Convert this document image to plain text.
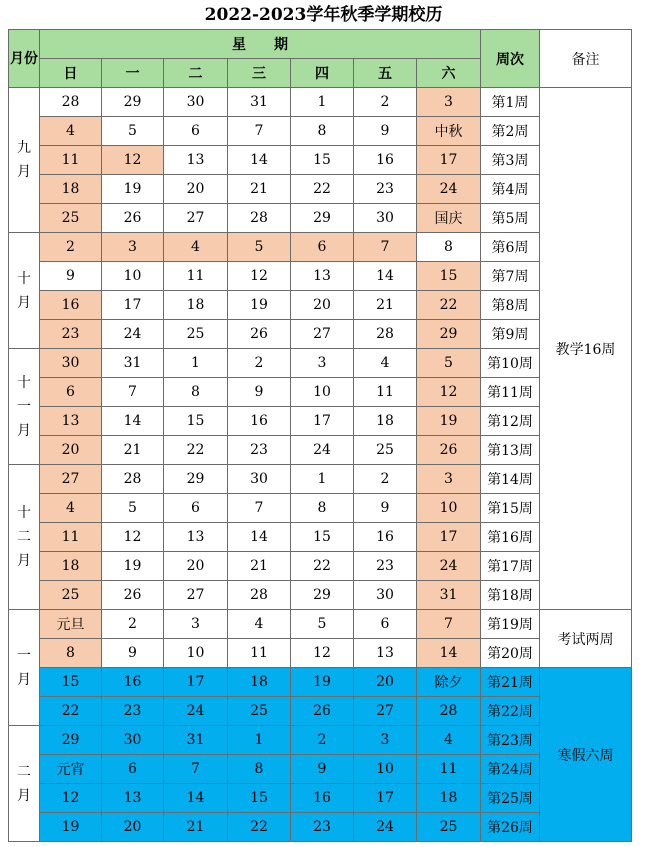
2022-2023学年秋季学期校历
月份	星　　期							周次	备注
	日	一	二	三	四	五	六		
九
月	28	29	30	31	1	2	3	第1周	教学16周
	4	5	6	7	8	9	中秋	第2周	
	11	12	13	14	15	16	17	第3周	
	18	19	20	21	22	23	24	第4周	
	25	26	27	28	29	30	国庆	第5周	
十
月	2	3	4	5	6	7	8	第6周	
	9	10	11	12	13	14	15	第7周	
	16	17	18	19	20	21	22	第8周	
	23	24	25	26	27	28	29	第9周	
十
一
月	30	31	1	2	3	4	5	第10周	
	6	7	8	9	10	11	12	第11周	
	13	14	15	16	17	18	19	第12周	
	20	21	22	23	24	25	26	第13周	
十
二
月	27	28	29	30	1	2	3	第14周	
	4	5	6	7	8	9	10	第15周	
	11	12	13	14	15	16	17	第16周	
	18	19	20	21	22	23	24	第17周	
	25	26	27	28	29	30	31	第18周	
一
月	元旦	2	3	4	5	6	7	第19周	考试两周
	8	9	10	11	12	13	14	第20周	
	15	16	17	18	19	20	除夕	第21周	寒假六周
	22	23	24	25	26	27	28	第22周	
二
月	29	30	31	1	2	3	4	第23周	
	元宵	6	7	8	9	10	11	第24周	
	12	13	14	15	16	17	18	第25周	
	19	20	21	22	23	24	25	第26周	
